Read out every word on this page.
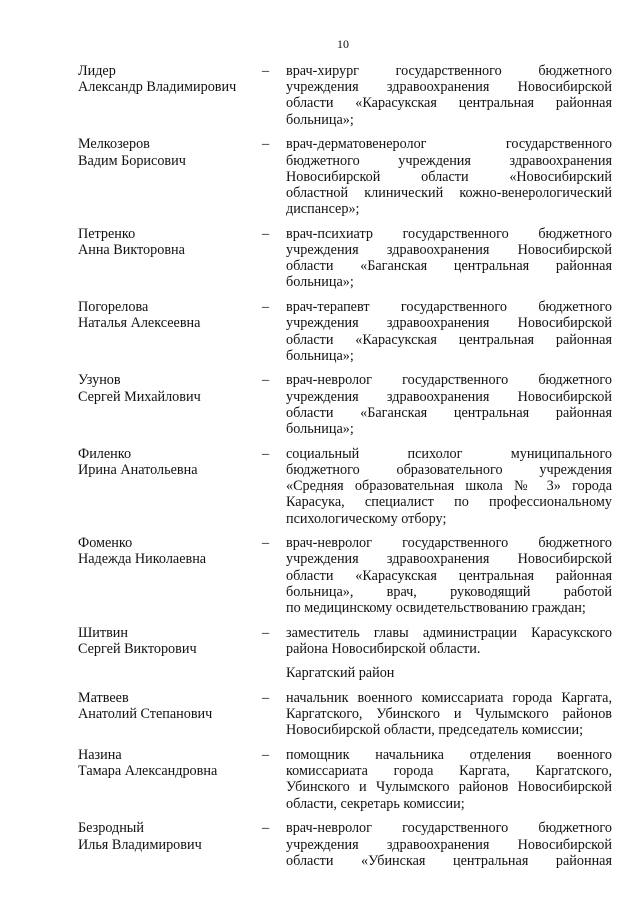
10
Лидер
Александр Владимирович
– врач-хирург государственного бюджетного
учреждения здравоохранения Новосибирской
области «Карасукская центральная районная
больница»;
Мелкозеров
Вадим Борисович
– врач-дерматовенеролог государственного
бюджетного учреждения здравоохранения
Новосибирской области «Новосибирский
областной клинический кожно-венерологический
диспансер»;
Петренко
Анна Викторовна
– врач-психиатр государственного бюджетного
учреждения здравоохранения Новосибирской
области «Баганская центральная районная
больница»;
Погорелова
Наталья Алексеевна
– врач-терапевт государственного бюджетного
учреждения здравоохранения Новосибирской
области «Карасукская центральная районная
больница»;
Узунов
Сергей Михайлович
– врач-невролог государственного бюджетного
учреждения здравоохранения Новосибирской
области «Баганская центральная районная
больница»;
Филенко
Ирина Анатольевна
– социальный психолог муниципального
бюджетного образовательного учреждения
«Средняя образовательная школа № 3» города
Карасука, специалист по профессиональному
психологическому отбору;
Фоменко
Надежда Николаевна
– врач-невролог государственного бюджетного
учреждения здравоохранения Новосибирской
области «Карасукская центральная районная
больница», врач, руководящий работой
по медицинскому освидетельствованию граждан;
Шитвин
Сергей Викторович
– заместитель главы администрации Карасукского
района Новосибирской области.
Каргатский район
Матвеев
Анатолий Степанович
– начальник военного комиссариата города Каргата,
Каргатского, Убинского и Чулымского районов
Новосибирской области, председатель комиссии;
Назина
Тамара Александровна
– помощник начальника отделения военного
комиссариата города Каргата, Каргатского,
Убинского и Чулымского районов Новосибирской
области, секретарь комиссии;
Безродный
Илья Владимирович
– врач-невролог государственного бюджетного
учреждения здравоохранения Новосибирской
области «Убинская центральная районная
